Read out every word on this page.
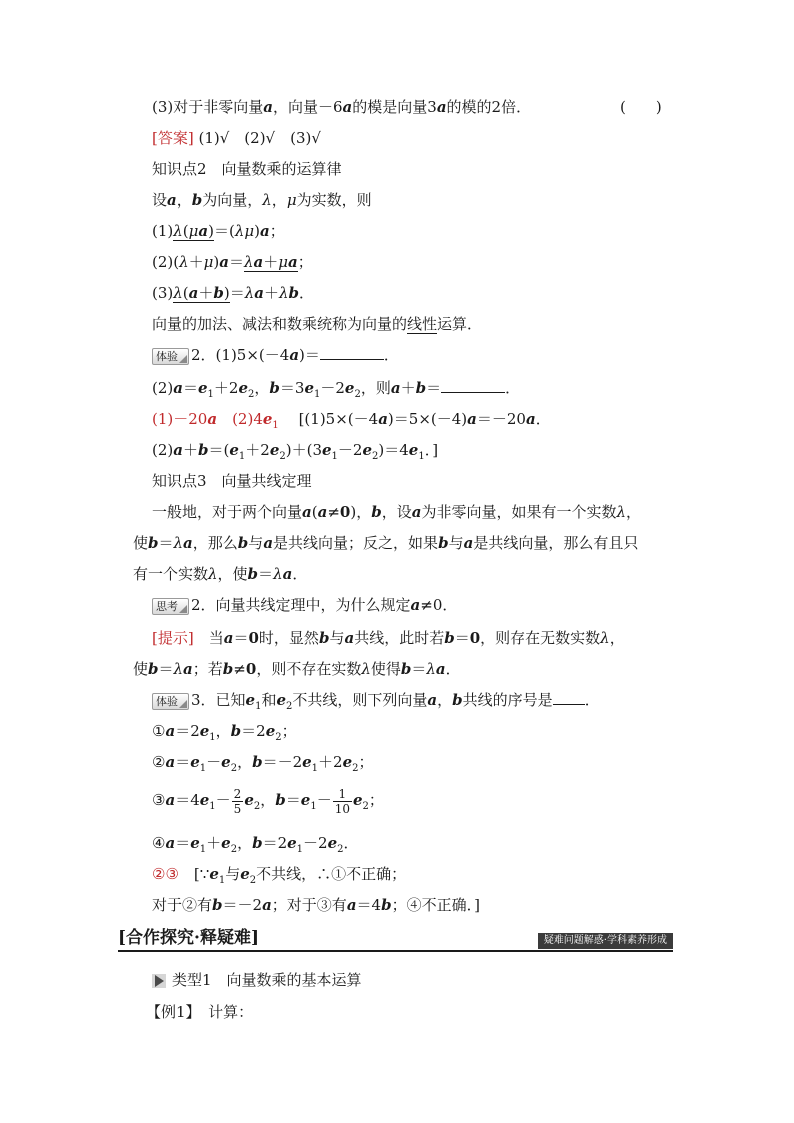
(3)对于非零向量a，向量－6a的模是向量3a的模的2倍．	(　　)
[答案] (1)√　(2)√　(3)√
知识点2　向量数乘的运算律
设a，b为向量，λ，μ为实数，则
(1)λ(μa)＝(λμ)a；
(2)(λ＋μ)a＝λa＋μa；
(3)λ(a＋b)＝λa＋λb．
向量的加法、减法和数乘统称为向量的线性运算．
体验 2．(1)5×(－4a)＝	．
$(2)a=e_1+2e_2$，$b=3e_1-2e_2$，则a＋b＝	．
(1)－20a　$(2)4e_1$　 [(1)5×(－4a)＝5×(－4)a＝－20a．
$(2)a+b=(e_1+2e_2)+(3e_1-2e_2)=4e_1$．]
知识点3　向量共线定理
一般地，对于两个向量a(a≠0)，b，设a为非零向量，如果有一个实数λ，
使b＝λa，那么b与a是共线向量；反之，如果b与a是共线向量，那么有且只
有一个实数λ，使b＝λa．
思考 2．向量共线定理中，为什么规定a≠0．
[提示]　当a＝0时，显然b与a共线，此时若b＝0，则存在无数实数λ，
使b＝λa；若b≠0，则不存在实数λ使得b＝λa．
体验 3．已知$e_1$和$e_2$不共线，则下列向量a，b共线的序号是 ．
$①a=2e_1$，$b=2e_2$；
$②a=e_1-e_2$，$b=-2e_1+2e_2$；
$③a=4e_1- \frac{2}{5} e_2$，$b=e_1- \frac{1}{10} e_2$；
$④a=e_1+e_2$，$b=2e_1-2e_2$．
②③　[$\because e_1$与$e_2$不共线，∴①不正确；
对于②有b＝－2a；对于③有a＝4b；④不正确．]
[合作探究·释疑难]	疑难问题解惑·学科素养形成
类型1　向量数乘的基本运算
【例1】　 计算：
